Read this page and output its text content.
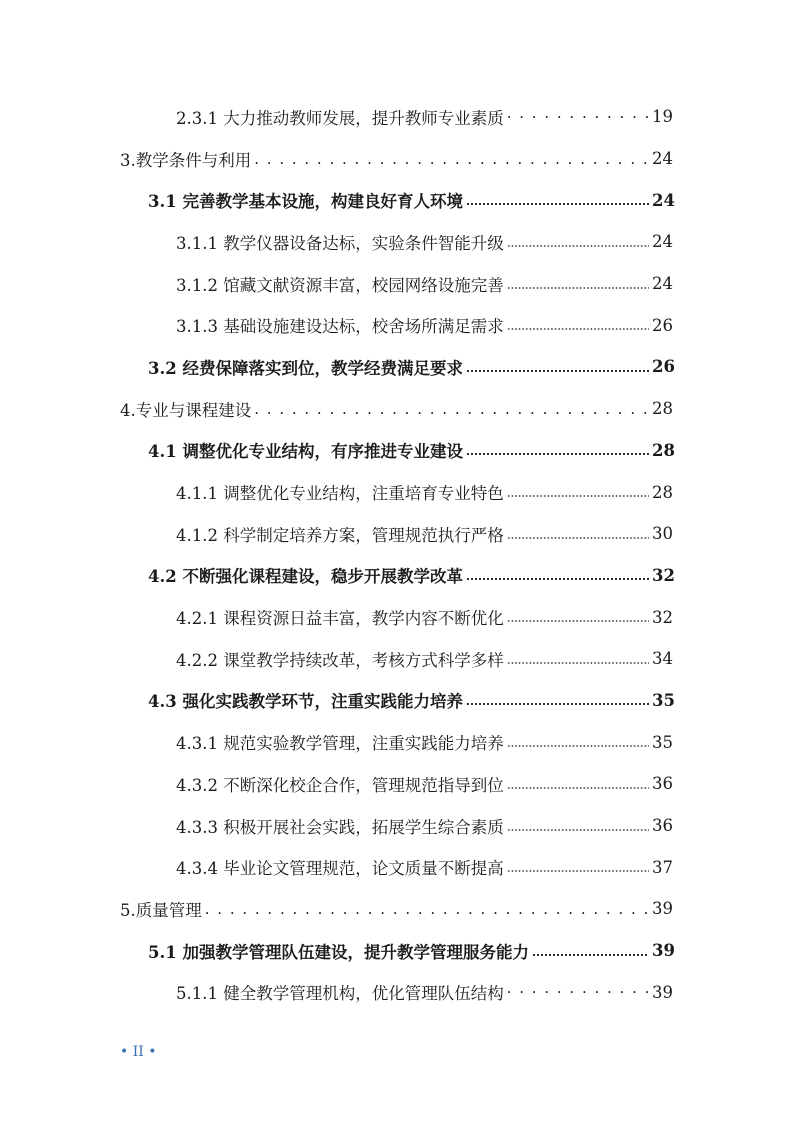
2.3.1 大力推动教师发展，提升教师专业素质 . . .	19
3.教学条件与利用 . . .	24
3.1 完善教学基本设施，构建良好育人环境	24
3.1.1 教学仪器设备达标，实验条件智能升级	24
3.1.2 馆藏文献资源丰富，校园网络设施完善	24
3.1.3 基础设施建设达标，校舍场所满足需求	26
3.2 经费保障落实到位，教学经费满足要求	26
4.专业与课程建设 . . .	28
4.1 调整优化专业结构，有序推进专业建设	28
4.1.1 调整优化专业结构，注重培育专业特色	28
4.1.2 科学制定培养方案，管理规范执行严格	30
4.2 不断强化课程建设，稳步开展教学改革	32
4.2.1 课程资源日益丰富，教学内容不断优化	32
4.2.2 课堂教学持续改革，考核方式科学多样	34
4.3 强化实践教学环节，注重实践能力培养	35
4.3.1 规范实验教学管理，注重实践能力培养	35
4.3.2 不断深化校企合作，管理规范指导到位	36
4.3.3 积极开展社会实践，拓展学生综合素质	36
4.3.4 毕业论文管理规范，论文质量不断提高	37
5.质量管理 . . .	39
5.1 加强教学管理队伍建设，提升教学管理服务能力	39
5.1.1 健全教学管理机构，优化管理队伍结构 . . .	39
• II •
